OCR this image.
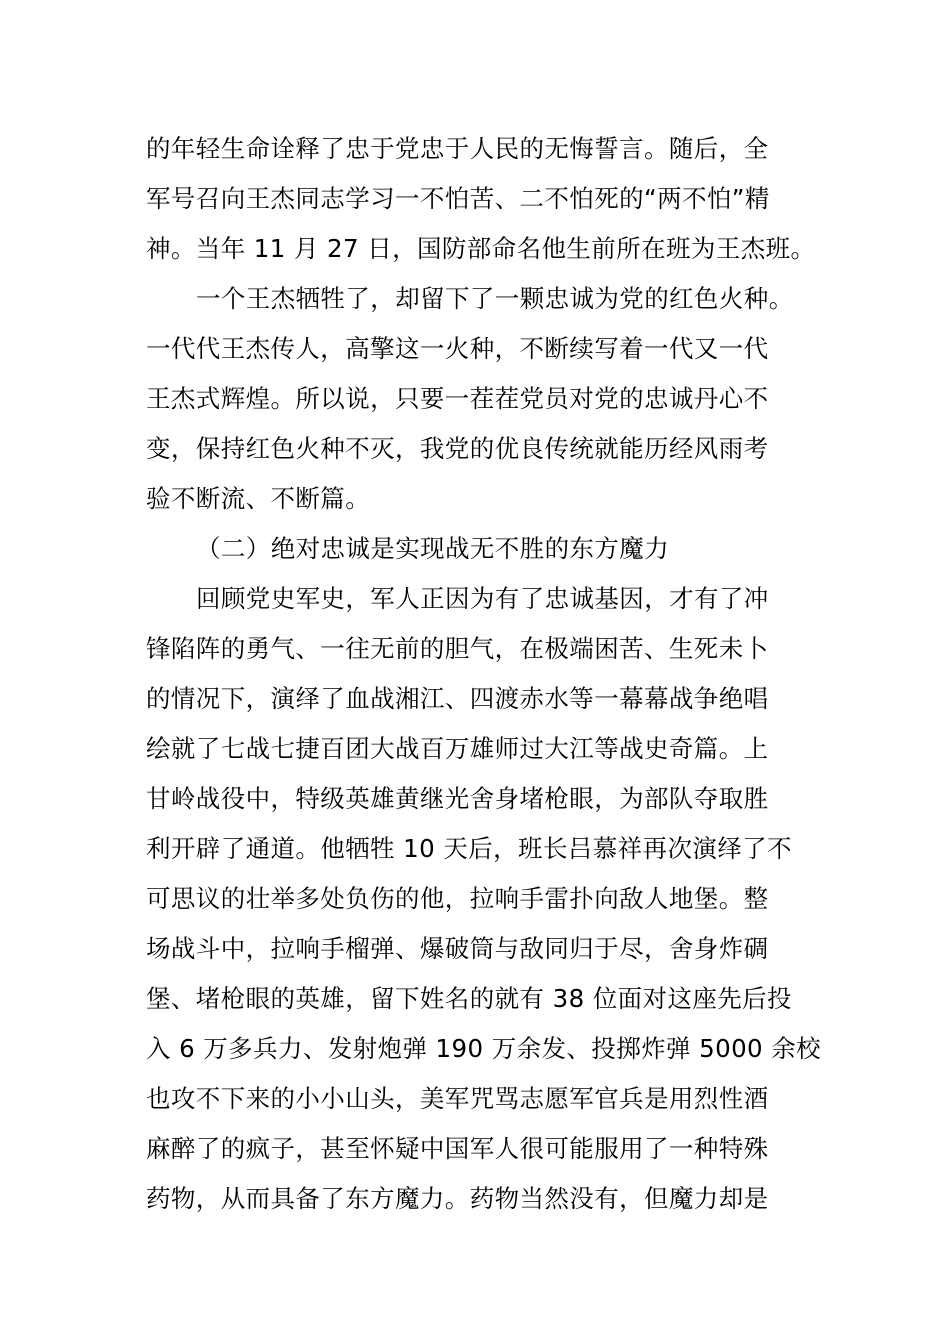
的年轻生命诠释了忠于党忠于人民的无悔誓言。随后，全
军号召向王杰同志学习一不怕苦、二不怕死的“两不怕”精
神。当年 11 月 27 日，国防部命名他生前所在班为王杰班。
一个王杰牺牲了，却留下了一颗忠诚为党的红色火种。
一代代王杰传人，高擎这一火种，不断续写着一代又一代
王杰式辉煌。所以说，只要一茬茬党员对党的忠诚丹心不
变，保持红色火种不灭，我党的优良传统就能历经风雨考
验不断流、不断篇。
（二）绝对忠诚是实现战无不胜的东方魔力
回顾党史军史，军人正因为有了忠诚基因，才有了冲
锋陷阵的勇气、一往无前的胆气，在极端困苦、生死未卜
的情况下，演绎了血战湘江、四渡赤水等一幕幕战争绝唱
绘就了七战七捷百团大战百万雄师过大江等战史奇篇。上
甘岭战役中，特级英雄黄继光舍身堵枪眼，为部队夺取胜
利开辟了通道。他牺牲 10 天后，班长吕慕祥再次演绎了不
可思议的壮举多处负伤的他，拉响手雷扑向敌人地堡。整
场战斗中，拉响手榴弹、爆破筒与敌同归于尽，舍身炸碉
堡、堵枪眼的英雄，留下姓名的就有 38 位面对这座先后投
入 6 万多兵力、发射炮弹 190 万余发、投掷炸弹 5000 余校
也攻不下来的小小山头，美军咒骂志愿军官兵是用烈性酒
麻醉了的疯子，甚至怀疑中国军人很可能服用了一种特殊
药物，从而具备了东方魔力。药物当然没有，但魔力却是
